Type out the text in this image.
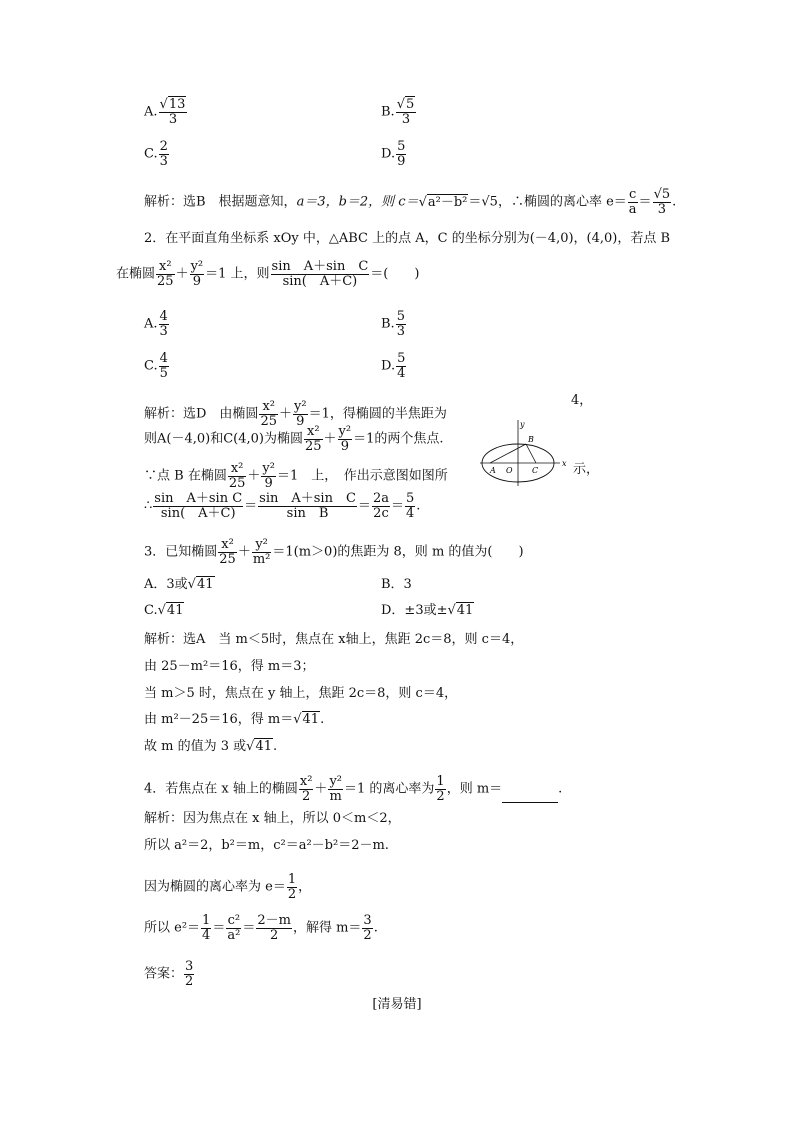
A. $\frac{√13}{3}$	B. $\frac{√5}{3}$
C. $\frac{2}{3}$	D. $\frac{5}{9}$
解析：选B　根据题意知，a＝3，b＝2，则 c＝√a²－b²＝√5，∴椭圆的离心率 $e= \frac{c}{a} = \frac{√5}{3}$ .
2．在平面直角坐标系 xOy 中，△ABC 上的点 A，C 的坐标分别为(－4,0)，(4,0)，若点 B
在椭圆 $\frac{\text{x²}}{25} + \frac{\text{y²}}{9} =1$ 上，则 $\frac{\text{sin　A＋sin　C}}{\sin( A+C)}$ ＝(　　)
A. $\frac{4}{3}$	B. $\frac{5}{3}$
C. $\frac{4}{5}$	D. $\frac{5}{4}$
解析：选D　由椭圆 $\frac{\text{x²}}{25} + \frac{\text{y²}}{9} =1$，得椭圆的半焦距为
4，
则A(－4,0)和C(4,0)为椭圆 $\frac{\text{x²}}{25} + \frac{\text{y²}}{9} =1$的两个焦点.
∵点 B 在椭圆 $\frac{\text{x²}}{25} + \frac{\text{y²}}{9} =1$　上，　作出示意图如图所	示，
∴ $\frac{\text{sin　A＋sin C}}{\sin( A+C)} = \frac{\text{sin　A＋sin　C}}{\text{sin　B}} = \frac{2a}{2c} = \frac{5}{4}$ .
y
x
A O C
B
3．已知椭圆 $\frac{\text{x²}}{25} + \frac{\text{y²}}{\text{m²}} =1(m>0)$的焦距为 8，则 m 的值为(　　)
A．3或√41	B．3
C.√41	D．±3或±√41
解析：选A　当 m＜5时，焦点在 x轴上，焦距 2c＝8，则 c＝4，
由 25－m²＝16，得 m＝3；
当 m＞5 时，焦点在 y 轴上，焦距 2c＝8，则 c＝4，
由 m²－25＝16，得 m＝√41.
故 m 的值为 3 或√41.
4．若焦点在 x 轴上的椭圆 $\frac{\text{x²}}{2} + \frac{\text{y²}}{m} =1$ 的离心率为 $\frac{1}{2}$ ，则 m＝	.
解析：因为焦点在 x 轴上，所以 0＜m＜2，
所以 a²＝2，b²＝m，c²＝a²－b²＝2－m.
因为椭圆的离心率为 $e= \frac{1}{2}$ ，
所以 $e^2= \frac{1}{4} = \frac{\text{c²}}{\text{a²}} = \frac{2-m}{2}$ ，解得 $m= \frac{3}{2}$ .
答案： $\frac{3}{2}$
[清易错]
